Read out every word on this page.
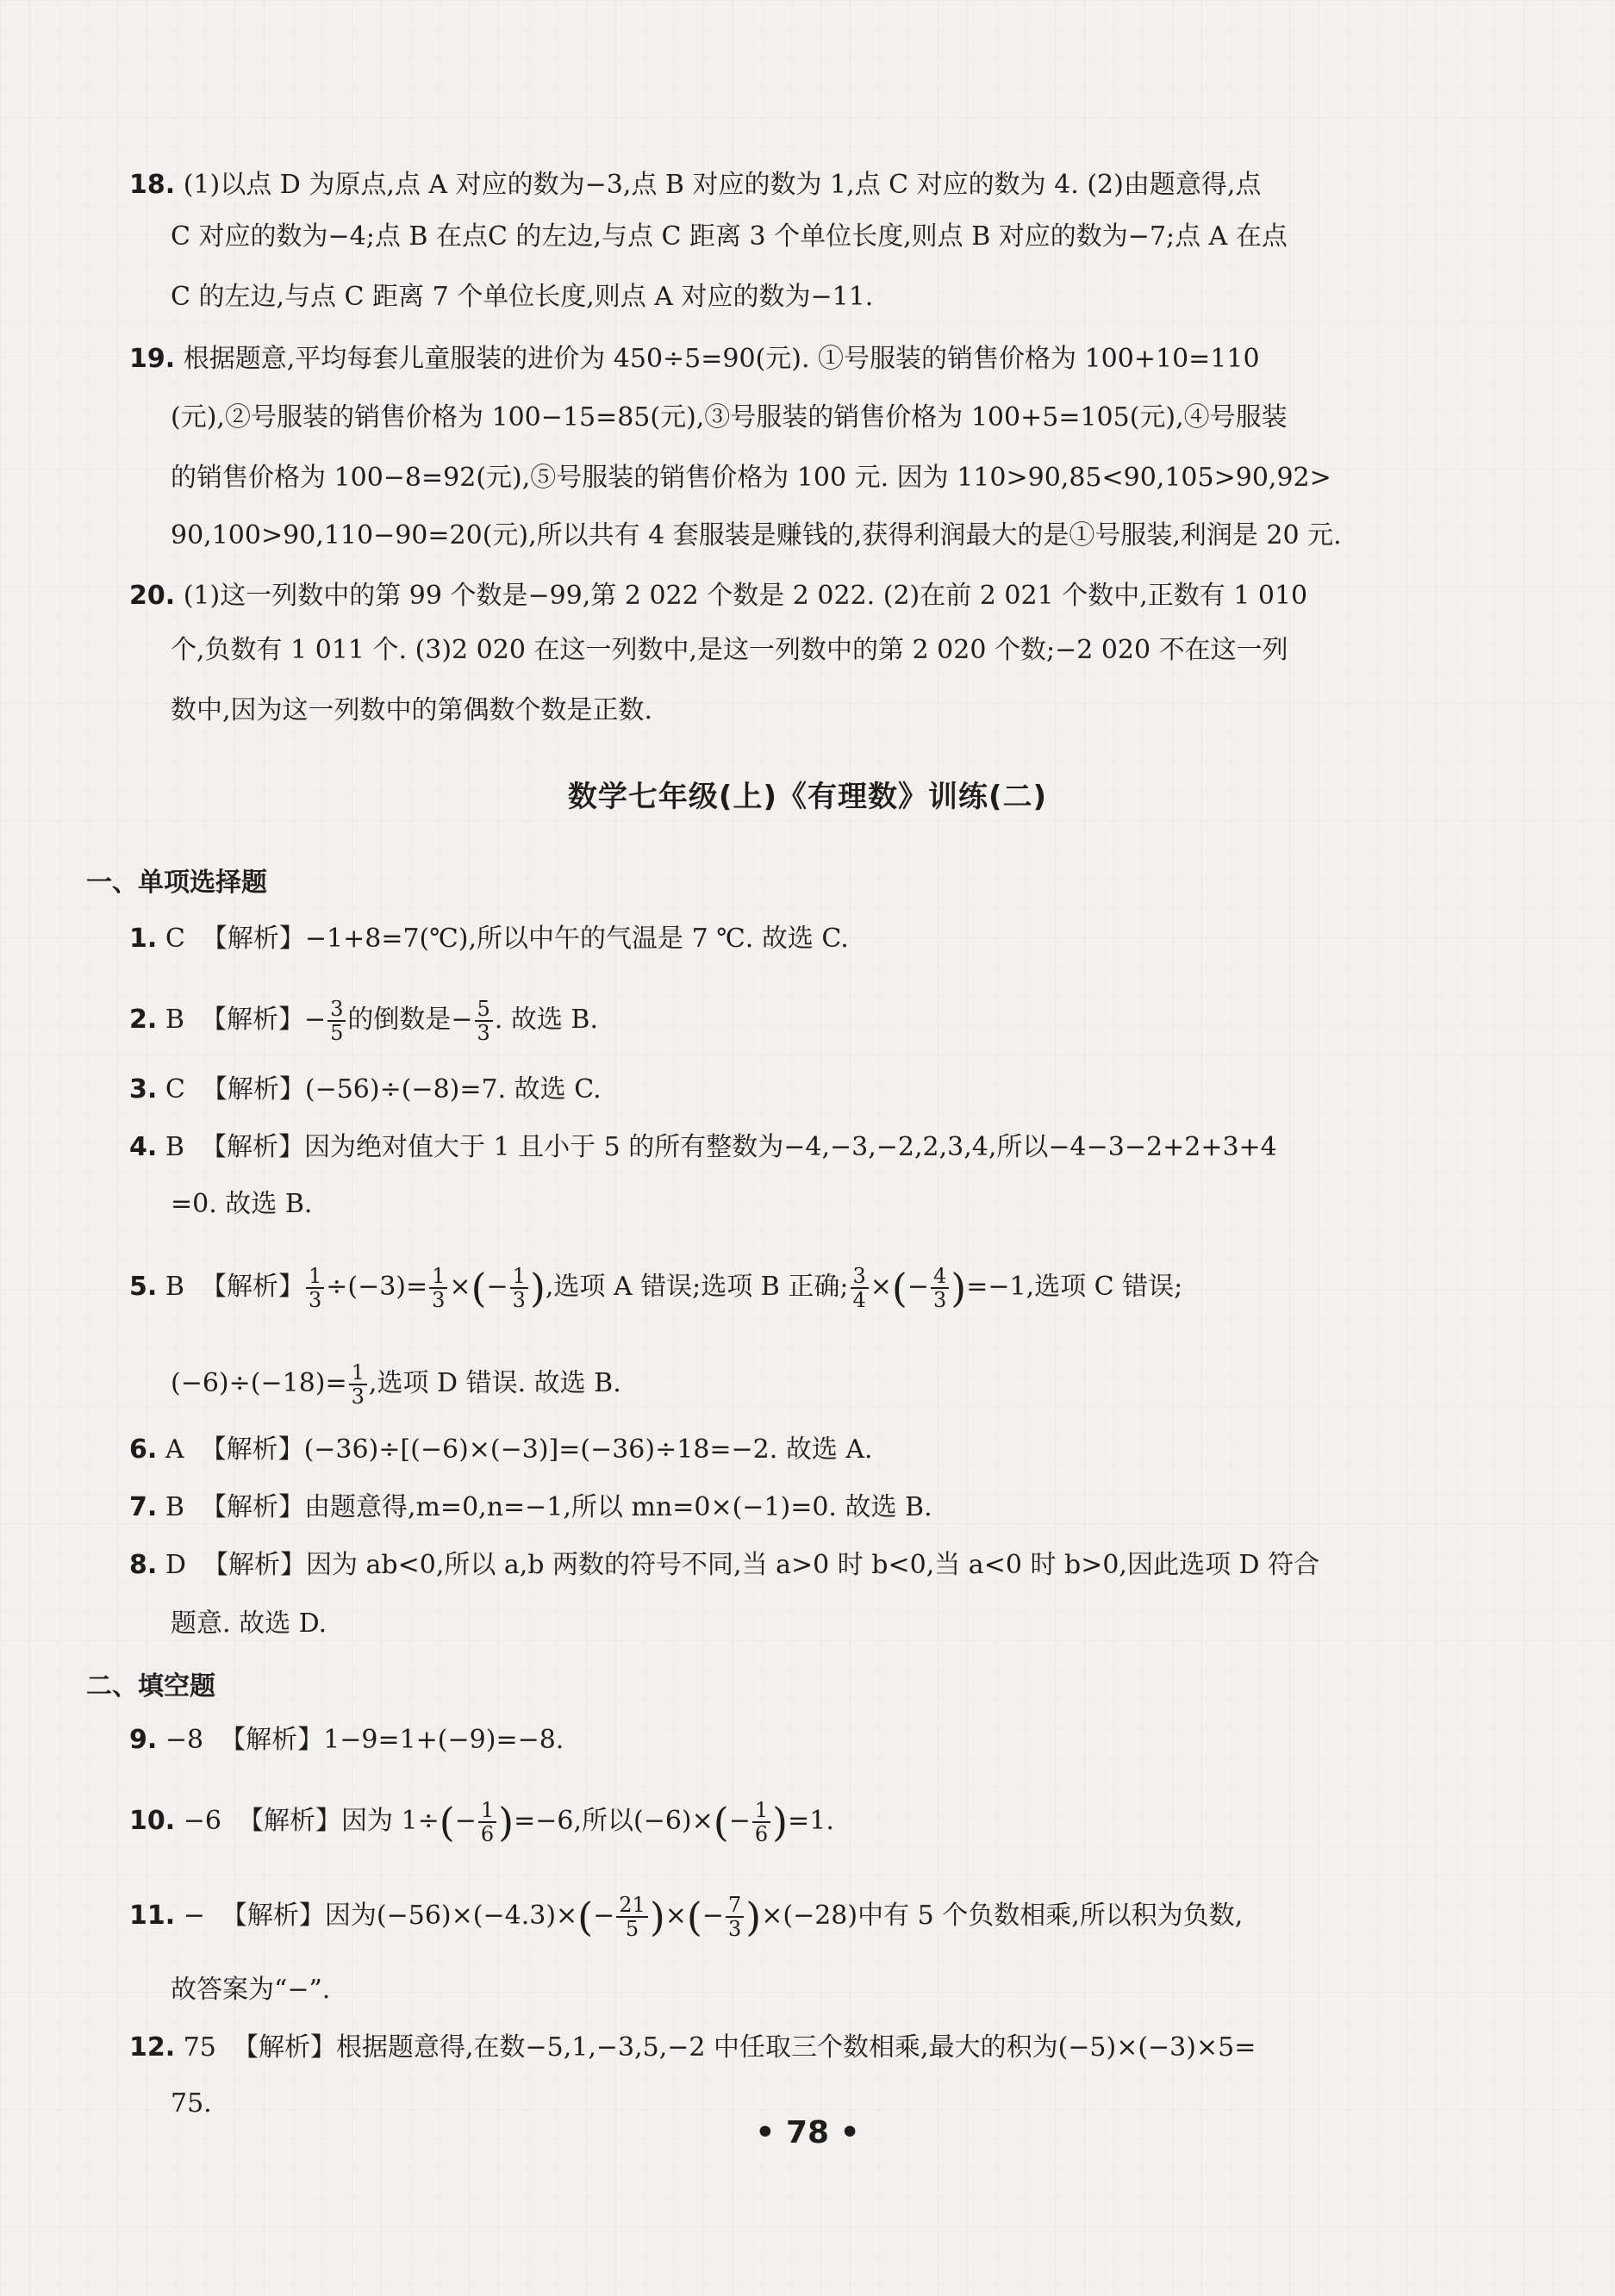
18. (1)以点 D 为原点,点 A 对应的数为−3,点 B 对应的数为 1,点 C 对应的数为 4. (2)由题意得,点
C 对应的数为−4;点 B 在点C 的左边,与点 C 距离 3 个单位长度,则点 B 对应的数为−7;点 A 在点
C 的左边,与点 C 距离 7 个单位长度,则点 A 对应的数为−11.
19. 根据题意,平均每套儿童服装的进价为 450÷5=90(元). ①号服装的销售价格为 100+10=110
(元),②号服装的销售价格为 100−15=85(元),③号服装的销售价格为 100+5=105(元),④号服装
的销售价格为 100−8=92(元),⑤号服装的销售价格为 100 元. 因为 110>90,85<90,105>90,92>
90,100>90,110−90=20(元),所以共有 4 套服装是赚钱的,获得利润最大的是①号服装,利润是 20 元.
20. (1)这一列数中的第 99 个数是−99,第 2 022 个数是 2 022. (2)在前 2 021 个数中,正数有 1 010
个,负数有 1 011 个. (3)2 020 在这一列数中,是这一列数中的第 2 020 个数;−2 020 不在这一列
数中,因为这一列数中的第偶数个数是正数.
数学七年级(上)《有理数》训练(二)
一、单项选择题
1. C 【解析】−1+8=7(℃),所以中午的气温是 7 ℃. 故选 C.
2. B 【解析】− $\frac{3}{5}$ 的倒数是− $\frac{5}{3}$ . 故选 B.
3. C 【解析】(−56)÷(−8)=7. 故选 C.
4. B 【解析】因为绝对值大于 1 且小于 5 的所有整数为−4,−3,−2,2,3,4,所以−4−3−2+2+3+4
=0. 故选 B.
5. B 【解析】 $\frac{1}{3} \div(-3)= \frac{1}{3}$ ×(− $\frac{1}{3}$ ),选项 A 错误;选项 B 正确; $\frac{3}{4}$ ×(− $\frac{4}{3} )=-1$,选项 C 错误;
$(-6)\div(-18)= \frac{1}{3}$ ,选项 D 错误. 故选 B.
6. A 【解析】(−36)÷[(−6)×(−3)]=(−36)÷18=−2. 故选 A.
7. B 【解析】由题意得,m=0,n=−1,所以 mn=0×(−1)=0. 故选 B.
8. D 【解析】因为 ab<0,所以 a,b 两数的符号不同,当 a>0 时 b<0,当 a<0 时 b>0,因此选项 D 符合
题意. 故选 D.
二、填空题
9. −8 【解析】1−9=1+(−9)=−8.
10. −6 【解析】因为 $1\div(- \frac{1}{6} )=-6$,所以$(-6)\times(- \frac{1}{6} )=1$.
11. − 【解析】因为$(-56)\times(-4.3)\times(- \frac{21}{5}$ )×(− $\frac{7}{3} )\times(-28)$中有 5 个负数相乘,所以积为负数,
故答案为“−”.
12. 75 【解析】根据题意得,在数−5,1,−3,5,−2 中任取三个数相乘,最大的积为(−5)×(−3)×5=
75.
• 78 •
